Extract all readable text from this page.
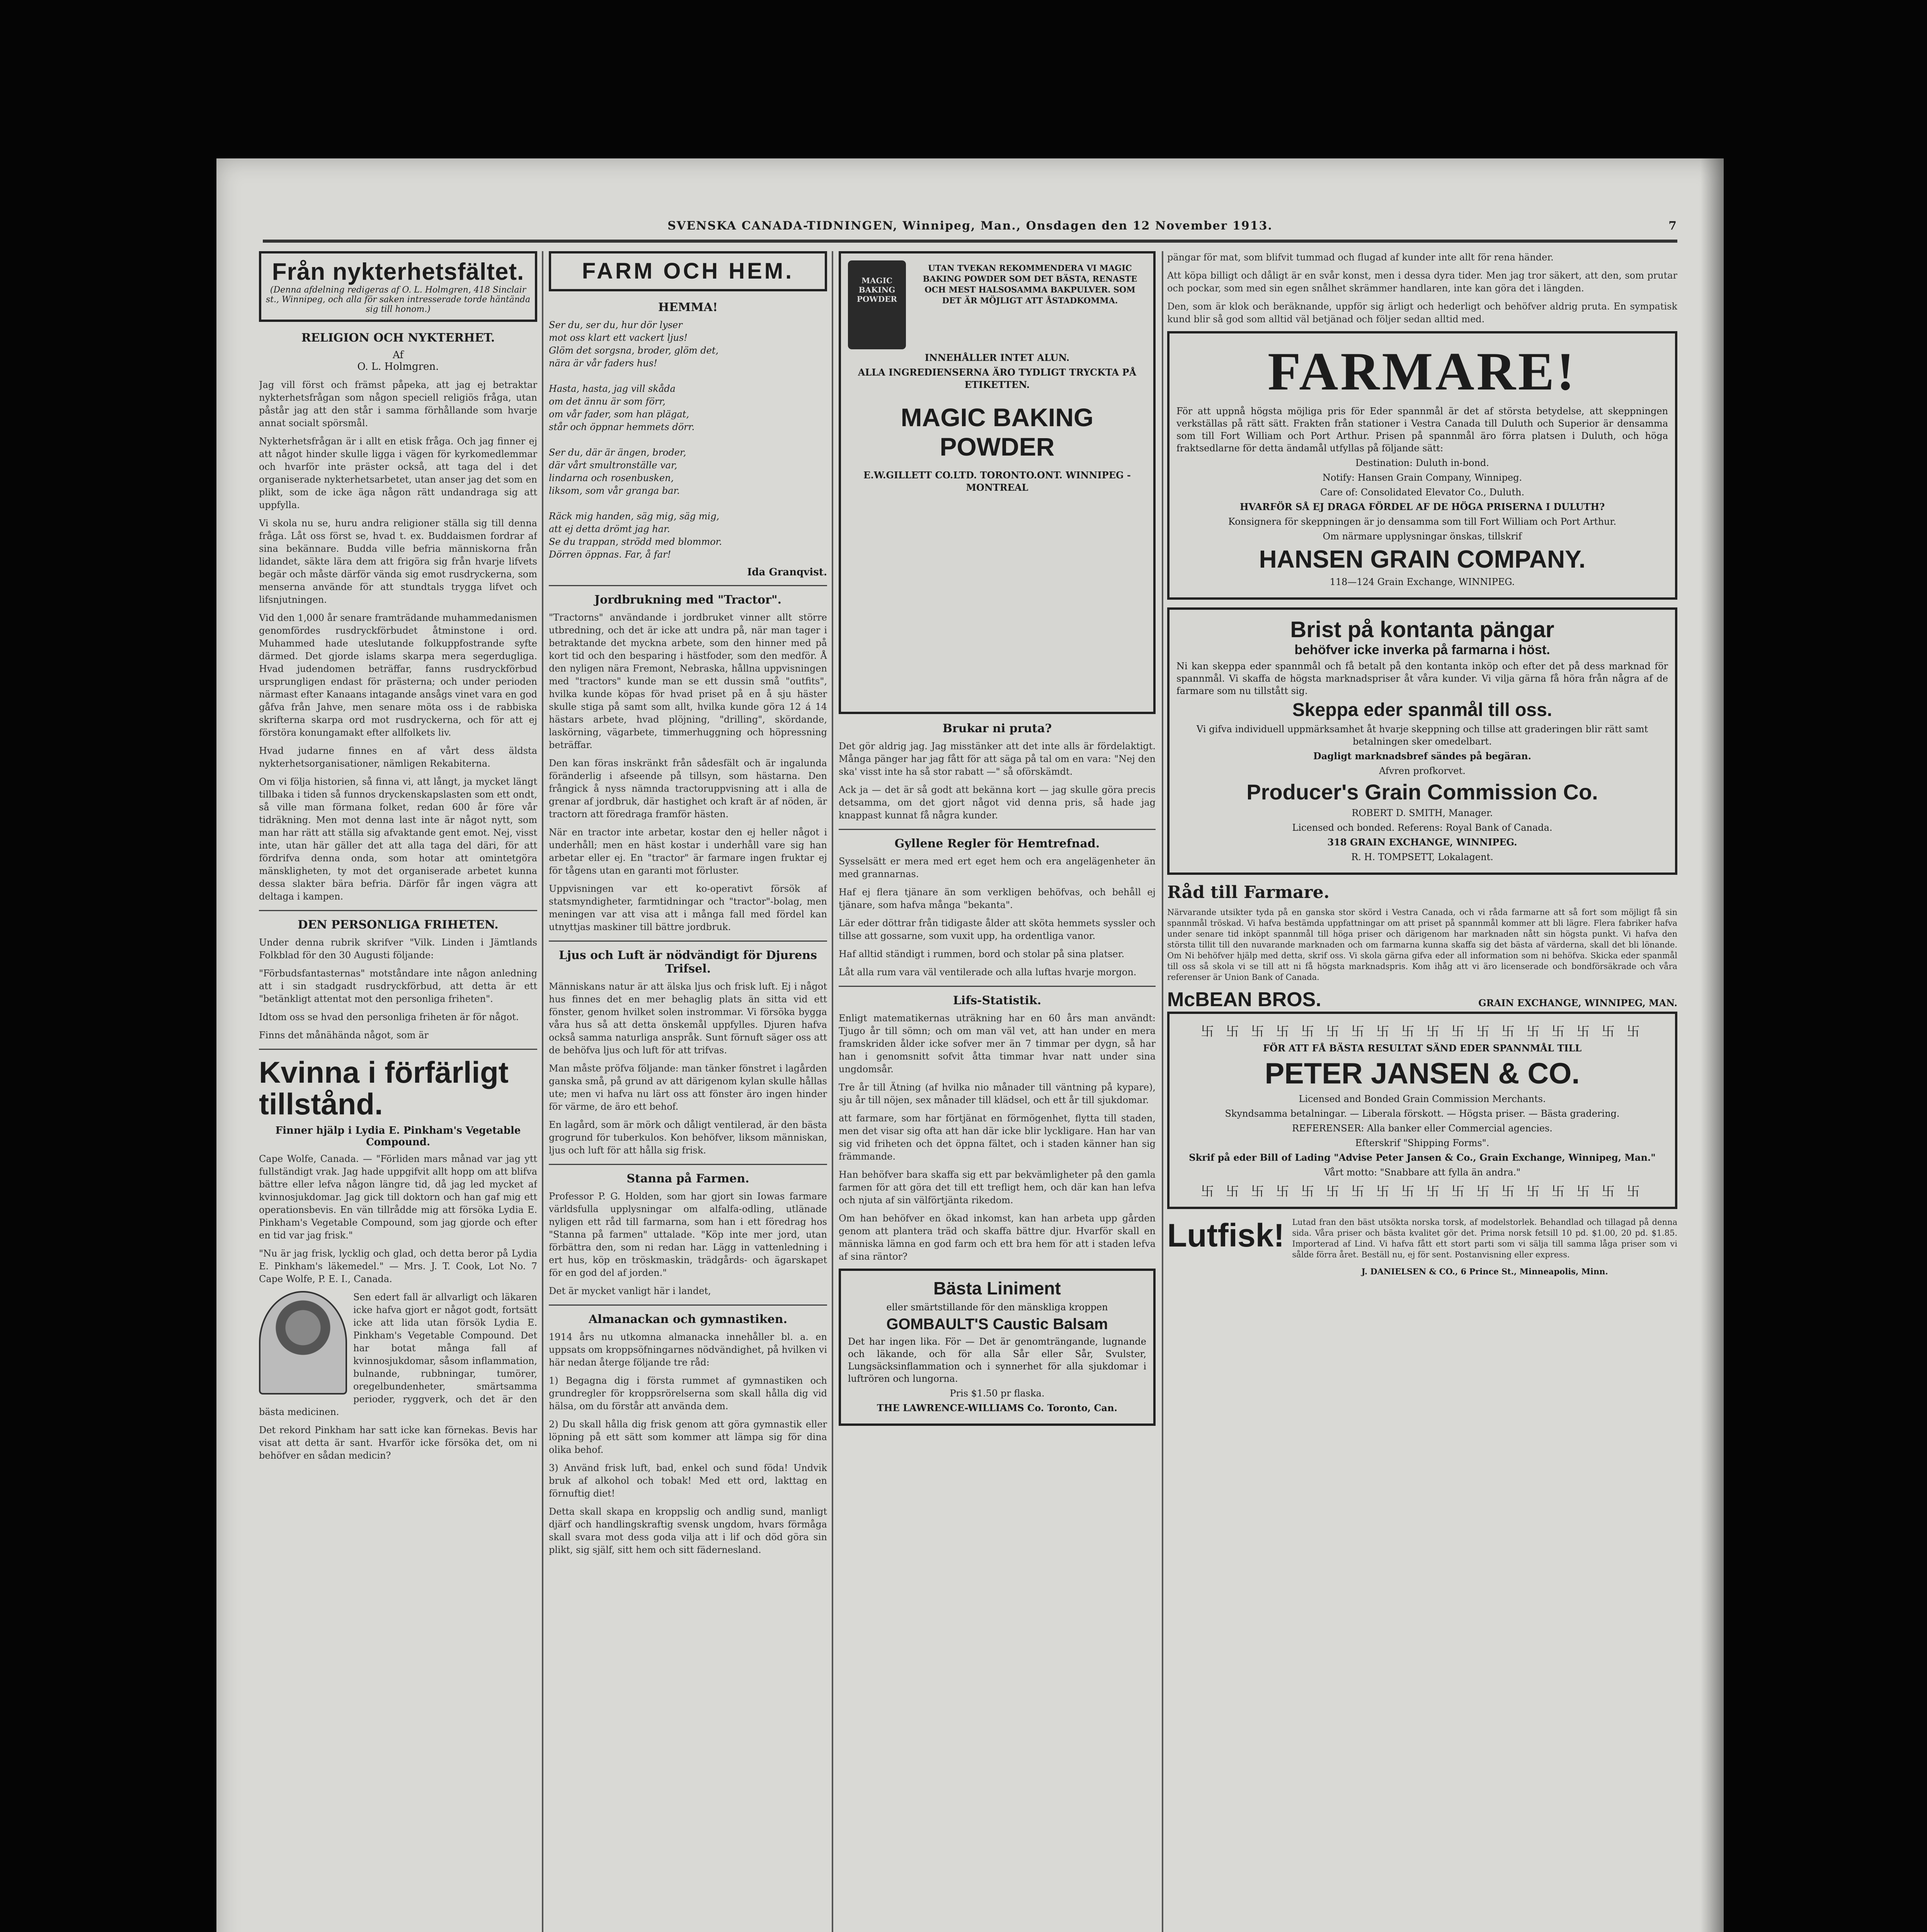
SVENSKA CANADA-TIDNINGEN, Winnipeg, Man., Onsdagen den 12 November 1913.	7
Från nykterhetsfältet.
(Denna afdelning redigeras af O. L. Holmgren, 418 Sinclair st., Winnipeg, och alla för saken intresserade torde häntända sig till honom.)
RELIGION OCH NYKTERHET.
Af
O. L. Holmgren.

Jag vill först och främst påpeka, att jag ej betraktar nykterhetsfrågan som någon speciell religiös fråga, utan påstår jag att den står i samma förhållande som hvarje annat socialt spörsmål.

Nykterhetsfrågan är i allt en etisk fråga. Och jag finner ej att något hinder skulle ligga i vägen för kyrkomedlemmar och hvarför inte präster också, att taga del i det organiserade nykterhetsarbetet, utan anser jag det som en plikt, som de icke äga någon rätt undandraga sig att uppfylla.

Vi skola nu se, huru andra religioner ställa sig till denna fråga. Låt oss först se, hvad t. ex. Buddaismen fordrar af sina bekännare. Budda ville befria människorna från lidandet, säkte lära dem att frigöra sig från hvarje lifvets begär och måste därför vända sig emot rusdryckerna, som menserna använde för att stundtals trygga lifvet och lifsnjutningen.

Vid den 1,000 år senare framträdande muhammedanismen genomfördes rusdryckförbudet åtminstone i ord. Muhammed hade uteslutande folkuppfostrande syfte därmed. Det gjorde islams skarpa mera segerdugliga. Hvad judendomen beträffar, fanns rusdryckförbud ursprungligen endast för prästerna; och under perioden närmast efter Kanaans intagande ansågs vinet vara en god gåfva från Jahve, men senare möta oss i de rabbiska skrifterna skarpa ord mot rusdryckerna, och för att ej förstöra konungamakt efter allfolkets liv.

Hvad judarne finnes en af vårt dess äldsta nykterhetsorganisationer, nämligen Rekabiterna.

Om vi följa historien, så finna vi, att långt, ja mycket längt tillbaka i tiden så funnos dryckenskapslasten som ett ondt, så ville man förmana folket, redan 600 år före vår tidräkning. Men mot denna last inte är något nytt, som man har rätt att ställa sig afvaktande gent emot. Nej, visst inte, utan här gäller det att alla taga del däri, för att fördrifva denna onda, som hotar att omintetgöra mänskligheten, ty mot det organiserade arbetet kunna dessa slakter bära befria. Därför får ingen vägra att deltaga i kampen.

DEN PERSONLIGA FRIHETEN.

Under denna rubrik skrifver "Vilk. Linden i Jämtlands Folkblad för den 30 Augusti följande:

"Förbudsfantasternas" motståndare inte någon anledning att i sin stadgadt rusdryckförbud, att detta är ett "betänkligt attentat mot den personliga friheten".

Idtom oss se hvad den personliga friheten är för något.

Finns det månähända något, som är

Kvinna i förfärligt tillstånd.
Finner hjälp i Lydia E. Pinkham's Vegetable Compound.

Cape Wolfe, Canada. — "Förliden mars månad var jag ytt fullständigt vrak. Jag hade uppgifvit allt hopp om att blifva bättre eller lefva någon längre tid, då jag led mycket af kvinnosjukdomar. Jag gick till doktorn och han gaf mig ett operationsbevis. En vän tillrådde mig att försöka Lydia E. Pinkham's Vegetable Compound, som jag gjorde och efter en tid var jag frisk."

"Nu är jag frisk, lycklig och glad, och detta beror på Lydia E. Pinkham's läkemedel." — Mrs. J. T. Cook, Lot No. 7 Cape Wolfe, P. E. I., Canada.

Sen edert fall är allvarligt och läkaren icke hafva gjort er något godt, fortsätt icke att lida utan försök Lydia E. Pinkham's Vegetable Compound. Det har botat många fall af kvinnosjukdomar, såsom inflammation, bulnande, rubbningar, tumörer, oregelbundenheter, smärtsamma perioder, ryggverk, och det är den bästa medicinen.

Det rekord Pinkham har satt icke kan förnekas. Bevis har visat att detta är sant. Hvarför icke försöka det, om ni behöfver en sådan medicin?

FARM OCH HEM.
HEMMA!
Ser du, ser du, hur dör lyser
mot oss klart ett vackert ljus!
Glöm det sorgsna, broder, glöm det,
nära är vår faders hus!

Hasta, hasta, jag vill skåda
om det ännu är som förr,
om vår fader, som han plägat,
står och öppnar hemmets dörr.

Ser du, där är ängen, broder,
där vårt smultronställe var,
lindarna och rosenbusken,
liksom, som vår granga bar.

Räck mig handen, säg mig, säg mig,
att ej detta drömt jag har.
Se du trappan, strödd med blommor.
Dörren öppnas. Far, å far!
Ida Granqvist.
Jordbrukning med "Tractor".

"Tractorns" användande i jordbruket vinner allt större utbredning, och det är icke att undra på, när man tager i betraktande det myckna arbete, som den hinner med på kort tid och den besparing i hästfoder, som den medför. Å den nyligen nära Fremont, Nebraska, hållna uppvisningen med "tractors" kunde man se ett dussin små "outfits", hvilka kunde köpas för hvad priset på en å sju häster skulle stiga på samt som allt, hvilka kunde göra 12 á 14 hästars arbete, hvad plöjning, "drilling", skördande, laskörning, vägarbete, timmerhuggning och höpressning beträffar.

Den kan föras inskränkt från sådesfält och är ingalunda föränderlig i afseende på tillsyn, som hästarna. Den frångick å nyss nämnda tractoruppvisning att i alla de grenar af jordbruk, där hastighet och kraft är af nöden, är tractorn att föredraga framför hästen.

När en tractor inte arbetar, kostar den ej heller något i underhåll; men en häst kostar i underhåll vare sig han arbetar eller ej. En "tractor" är farmare ingen fruktar ej för tågens utan en garanti mot förluster.

Uppvisningen var ett ko-operativt försök af statsmyndigheter, farmtidningar och "tractor"-bolag, men meningen var att visa att i många fall med fördel kan utnyttjas maskiner till bättre jordbruk.

Ljus och Luft är nödvändigt för Djurens Trifsel.

Människans natur är att älska ljus och frisk luft. Ej i något hus finnes det en mer behaglig plats än sitta vid ett fönster, genom hvilket solen instrommar. Vi försöka bygga våra hus så att detta önskemål uppfylles. Djuren hafva också samma naturliga anspråk. Sunt förnuft säger oss att de behöfva ljus och luft för att trifvas.

Man måste pröfva följande: man tänker fönstret i lagården ganska små, på grund av att därigenom kylan skulle hållas ute; men vi hafva nu lärt oss att fönster äro ingen hinder för värme, de äro ett behof.

En lagård, som är mörk och dåligt ventilerad, är den bästa grogrund för tuberkulos. Kon behöfver, liksom människan, ljus och luft för att hålla sig frisk.

Stanna på Farmen.

Professor P. G. Holden, som har gjort sin Iowas farmare världsfulla upplysningar om alfalfa-odling, utlänade nyligen ett råd till farmarna, som han i ett föredrag hos "Stanna på farmen" uttalade. "Köp inte mer jord, utan förbättra den, som ni redan har. Lägg in vattenledning i ert hus, köp en tröskmaskin, trädgårds- och ägarskapet för en god del af jorden."

Det är mycket vanligt här i landet,

Almanackan och gymnastiken.

1914 års nu utkomna almanacka innehåller bl. a. en uppsats om kroppsöfningarnes nödvändighet, på hvilken vi här nedan återge följande tre råd:

1) Begagna dig i första rummet af gymnastiken och grundregler för kroppsrörelserna som skall hålla dig vid hälsa, om du förstår att använda dem.

2) Du skall hålla dig frisk genom att göra gymnastik eller löpning på ett sätt som kommer att lämpa sig för dina olika behof.

3) Använd frisk luft, bad, enkel och sund föda! Undvik bruk af alkohol och tobak! Med ett ord, lakttag en förnuftig diet!

Detta skall skapa en kroppslig och andlig sund, manligt djärf och handlingskraftig svensk ungdom, hvars förmåga skall svara mot dess goda vilja att i lif och död göra sin plikt, sig själf, sitt hem och sitt fädernesland.

MAGIC BAKING POWDER
UTAN TVEKAN REKOMMENDERA VI MAGIC BAKING POWDER SOM DET BÄSTA, RENASTE OCH MEST HALSOSAMMA BAKPULVER. SOM DET ÄR MÖJLIGT ATT ÅSTADKOMMA.
INNEHÅLLER INTET ALUN.
ALLA INGREDIENSERNA ÄRO TYDLIGT TRYCKTA PÅ ETIKETTEN.
MAGIC BAKING POWDER
E.W.GILLETT CO.LTD. TORONTO.ONT. WINNIPEG - MONTREAL
Brukar ni pruta?

Det gör aldrig jag. Jag misstänker att det inte alls är fördelaktigt. Många pänger har jag fått för att säga på tal om en vara: "Nej den ska' visst inte ha så stor rabatt —" så oförskämdt.

Ack ja — det är så godt att bekänna kort — jag skulle göra precis detsamma, om det gjort något vid denna pris, så hade jag knappast kunnat få några kunder.

Gyllene Regler för Hemtrefnad.

Sysselsätt er mera med ert eget hem och era angelägenheter än med grannarnas.

Haf ej flera tjänare än som verkligen behöfvas, och behåll ej tjänare, som hafva många "bekanta".

Lär eder döttrar från tidigaste ålder att sköta hemmets syssler och tillse att gossarne, som vuxit upp, ha ordentliga vanor.

Haf alltid ständigt i rummen, bord och stolar på sina platser.

Låt alla rum vara väl ventilerade och alla luftas hvarje morgon.

Lifs-Statistik.

Enligt matematikernas uträkning har en 60 års man användt: Tjugo år till sömn; och om man väl vet, att han under en mera framskriden ålder icke sofver mer än 7 timmar per dygn, så har han i genomsnitt sofvit åtta timmar hvar natt under sina ungdomsår.

Tre år till Ätning (af hvilka nio månader till väntning på kypare), sju år till nöjen, sex månader till klädsel, och ett år till sjukdomar.

att farmare, som har förtjänat en förmögenhet, flytta till staden, men det visar sig ofta att han där icke blir lyckligare. Han har van sig vid friheten och det öppna fältet, och i staden känner han sig främmande.

Han behöfver bara skaffa sig ett par bekvämligheter på den gamla farmen för att göra det till ett trefligt hem, och där kan han lefva och njuta af sin välförtjänta rikedom.

Om han behöfver en ökad inkomst, kan han arbeta upp gården genom att plantera träd och skaffa bättre djur. Hvarför skall en människa lämna en god farm och ett bra hem för att i staden lefva af sina räntor?

Bästa Liniment
eller smärtstillande för den mänskliga kroppen
GOMBAULT'S Caustic Balsam
Det har ingen lika. För — Det är genomträngande, lugnande och läkande, och för alla Sår eller Sår, Svulster, Lungsäcksinflammation och i synnerhet för alla sjukdomar i luftrören och lungorna.
Pris $1.50 pr flaska.
THE LAWRENCE-WILLIAMS Co. Toronto, Can.

pängar för mat, som blifvit tummad och flugad af kunder inte allt för rena händer.

Att köpa billigt och dåligt är en svår konst, men i dessa dyra tider. Men jag tror säkert, att den, som prutar och pockar, som med sin egen snålhet skrämmer handlaren, inte kan göra det i längden.

Den, som är klok och beräknande, uppför sig ärligt och hederligt och behöfver aldrig pruta. En sympatisk kund blir så god som alltid väl betjänad och följer sedan alltid med.

FARMARE!
För att uppnå högsta möjliga pris för Eder spannmål är det af största betydelse, att skeppningen verkställas på rätt sätt. Frakten från stationer i Vestra Canada till Duluth och Superior är densamma som till Fort William och Port Arthur. Prisen på spannmål äro förra platsen i Duluth, och höga fraktsedlarne för detta ändamål utfyllas på följande sätt:
Destination: Duluth in-bond.
Notify: Hansen Grain Company, Winnipeg.
Care of: Consolidated Elevator Co., Duluth.
HVARFÖR SÅ EJ DRAGA FÖRDEL AF DE HÖGA PRISERNA I DULUTH?
Konsignera för skeppningen är jo densamma som till Fort William och Port Arthur.
Om närmare upplysningar önskas, tillskrif
HANSEN GRAIN COMPANY.
118—124 Grain Exchange, WINNIPEG.
Brist på kontanta pängar
behöfver icke inverka på farmarna i höst.
Ni kan skeppa eder spannmål och få betalt på den kontanta inköp och efter det på dess marknad för spannmål. Vi skaffa de högsta marknadspriser åt våra kunder. Vi vilja gärna få höra från några af de farmare som nu tillstått sig.
Skeppa eder spanmål till oss.
Vi gifva individuell uppmärksamhet åt hvarje skeppning och tillse att graderingen blir rätt samt betalningen sker omedelbart.
Dagligt marknadsbref sändes på begäran.
Afvren profkorvet.
Producer's Grain Commission Co.
ROBERT D. SMITH, Manager.
Licensed och bonded. Referens: Royal Bank of Canada.
318 GRAIN EXCHANGE, WINNIPEG.
R. H. TOMPSETT, Lokalagent.
Råd till Farmare.

Närvarande utsikter tyda på en ganska stor skörd i Vestra Canada, och vi råda farmarne att så fort som möjligt få sin spannmål tröskad. Vi hafva bestämda uppfattningar om att priset på spannmål kommer att bli lägre. Flera fabriker hafva under senare tid inköpt spannmål till höga priser och därigenom har marknaden nått sin högsta punkt. Vi hafva den största tillit till den nuvarande marknaden och om farmarna kunna skaffa sig det bästa af värderna, skall det bli lönande. Om Ni behöfver hjälp med detta, skrif oss. Vi skola gärna gifva eder all information som ni behöfva. Skicka eder spanmål till oss så skola vi se till att ni få högsta marknadspris. Kom ihåg att vi äro licenserade och bondförsäkrade och våra referenser är Union Bank of Canada.

McBEAN BROS.	GRAIN EXCHANGE, WINNIPEG, MAN.
卐 卐 卐 卐 卐 卐 卐 卐 卐 卐 卐 卐 卐 卐 卐 卐 卐 卐
FÖR ATT FÅ BÄSTA RESULTAT SÄND EDER SPANNMÅL TILL
PETER JANSEN & CO.
Licensed and Bonded Grain Commission Merchants.
Skyndsamma betalningar. — Liberala förskott. — Högsta priser. — Bästa gradering.
REFERENSER: Alla banker eller Commercial agencies.
Efterskrif "Shipping Forms".
Skrif på eder Bill of Lading "Advise Peter Jansen & Co., Grain Exchange, Winnipeg, Man."
Vårt motto: "Snabbare att fylla än andra."
卐 卐 卐 卐 卐 卐 卐 卐 卐 卐 卐 卐 卐 卐 卐 卐 卐 卐
Lutfisk! Lutad fran den bäst utsökta norska torsk, af modelstorlek. Behandlad och tillagad på denna sida. Våra priser och bästa kvalitet gör det. Prima norsk fetsill 10 pd. $1.00, 20 pd. $1.85. Importerad af Lind. Vi hafva fått ett stort parti som vi sälja till samma låga priser som vi sålde förra året. Beställ nu, ej för sent. Postanvisning eller express.

J. DANIELSEN & CO., 6 Prince St., Minneapolis, Minn.
